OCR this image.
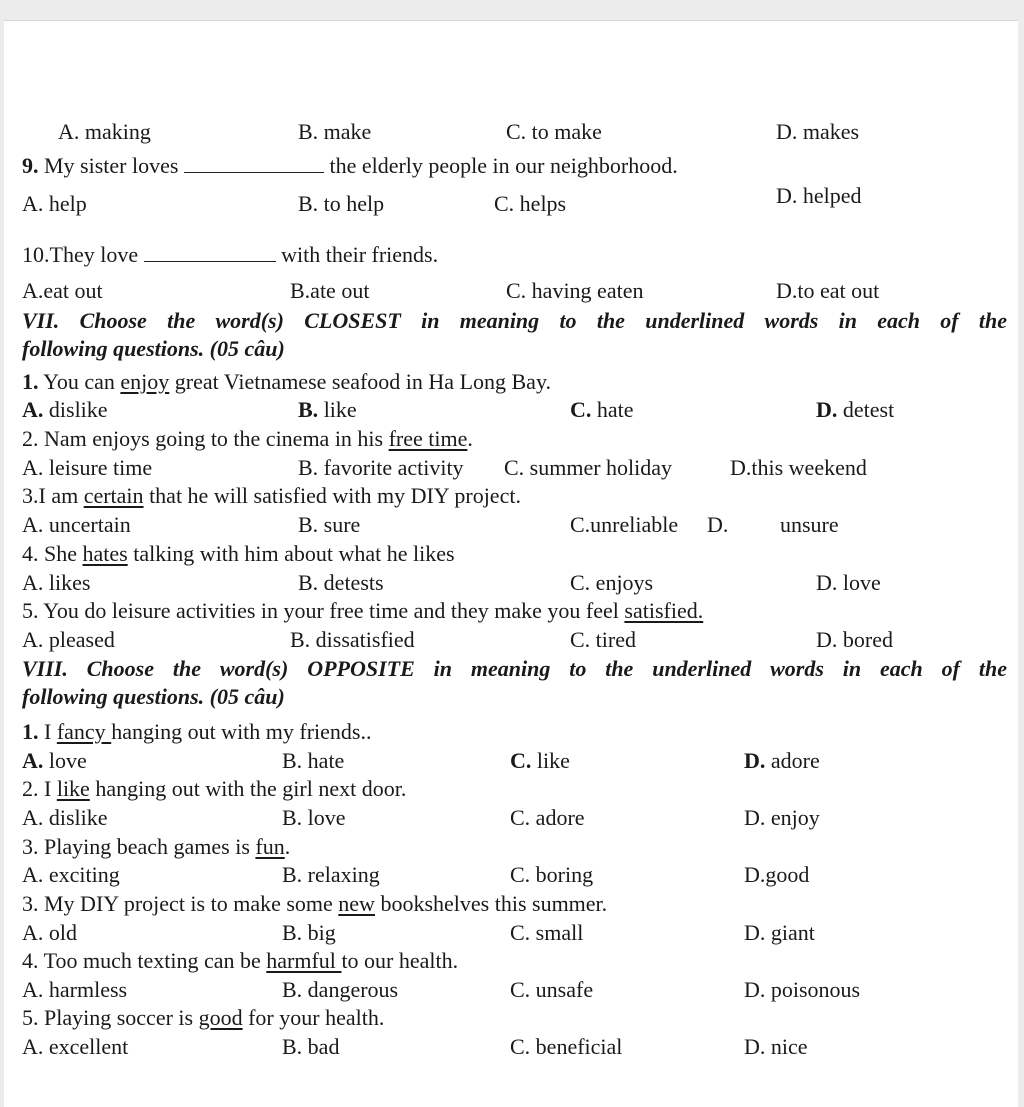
A. making	B. make	C. to make	D. makes
9. My sister loves	the elderly people in our neighborhood.
A. help	B. to help	C. helps	D. helped
10.They love	with their friends.
A.eat out	B.ate out	C. having eaten	D.to eat out
VII. Choose the word(s) CLOSEST in meaning to the underlined words in each of the
following questions. (05 câu)
1. You can enjoy great Vietnamese seafood in Ha Long Bay.
A. dislike	B. like	C. hate	D. detest
2. Nam enjoys going to the cinema in his free time.
A. leisure time	B. favorite activity C. summer holiday	D.this weekend
3.I am certain that he will satisfied with my DIY project.
A. uncertain	B. sure	C.unreliable D. unsure
4. She hates talking with him about what he likes
A. likes	B. detests	C. enjoys	D. love
5. You do leisure activities in your free time and they make you feel satisfied.
A. pleased	B. dissatisfied	C. tired	D. bored
VIII. Choose the word(s) OPPOSITE in meaning to the underlined words in each of the
following questions. (05 câu)
1. I fancy hanging out with my friends..
A. love	B. hate	C. like	D. adore
2. I like hanging out with the girl next door.
A. dislike	B. love	C. adore	D. enjoy
3. Playing beach games is fun.
A. exciting	B. relaxing	C. boring	D.good
3. My DIY project is to make some new bookshelves this summer.
A. old	B. big	C. small	D. giant
4. Too much texting can be harmful to our health.
A. harmless	B. dangerous	C. unsafe	D. poisonous
5. Playing soccer is good for your health.
A. excellent	B. bad	C. beneficial	D. nice
